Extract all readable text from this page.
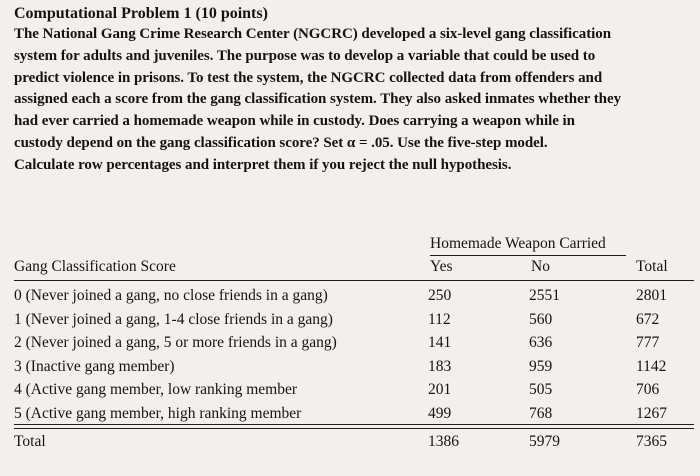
Computational Problem 1 (10 points)
The National Gang Crime Research Center (NGCRC) developed a six-level gang classification
system for adults and juveniles. The purpose was to develop a variable that could be used to
predict violence in prisons. To test the system, the NGCRC collected data from offenders and
assigned each a score from the gang classification system. They also asked inmates whether they
had ever carried a homemade weapon while in custody. Does carrying a weapon while in
custody depend on the gang classification score? Set α = .05. Use the five-step model.
Calculate row percentages and interpret them if you reject the null hypothesis.
Homemade Weapon Carried
Gang Classification Score	Yes	No	Total
0 (Never joined a gang, no close friends in a gang)	250	2551	2801
1 (Never joined a gang, 1-4 close friends in a gang)	112	560	672
2 (Never joined a gang, 5 or more friends in a gang)	141	636	777
3 (Inactive gang member)	183	959	1142
4 (Active gang member, low ranking member	201	505	706
5 (Active gang member, high ranking member	499	768	1267
Total	1386	5979	7365
